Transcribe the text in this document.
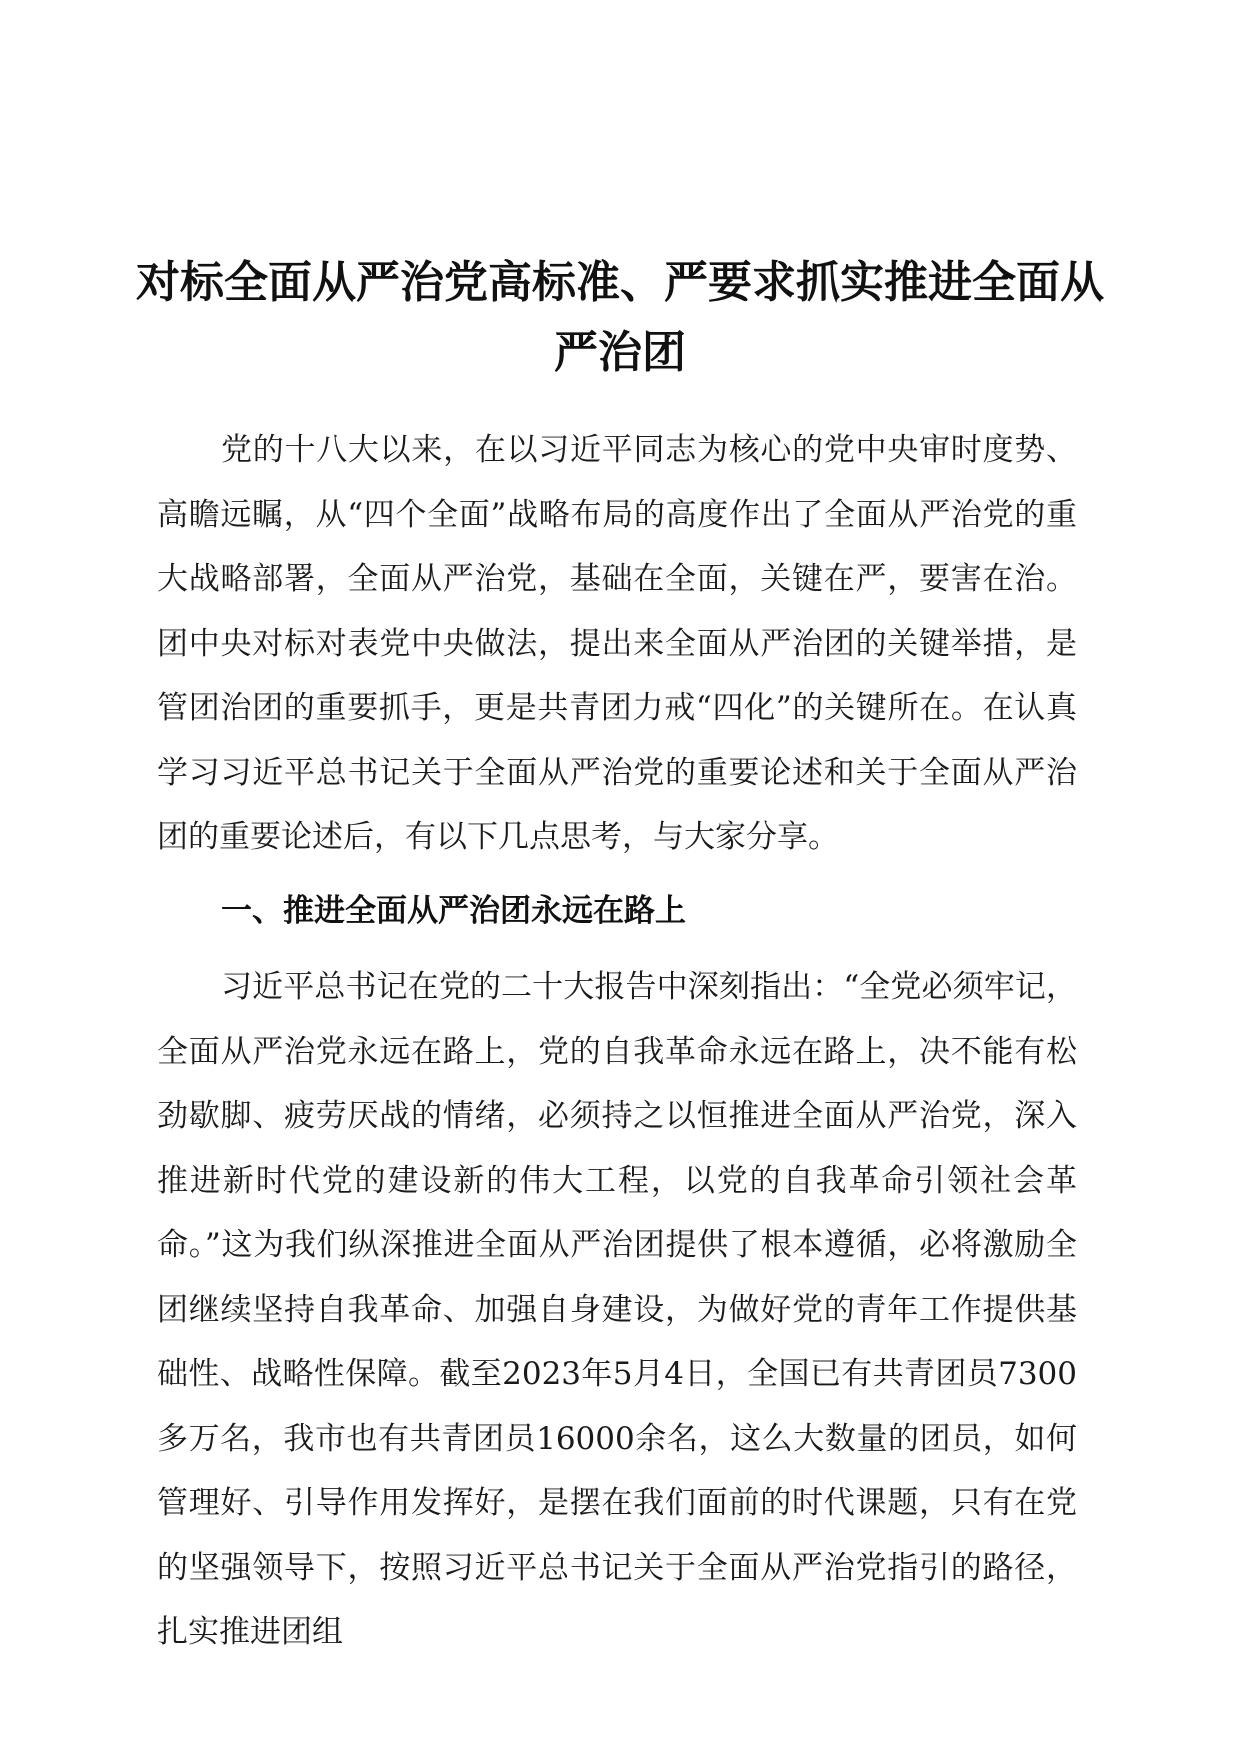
对标全面从严治党高标准、严要求抓实推进全面从严治团

党的十八大以来，在以习近平同志为核心的党中央审时度势、高瞻远瞩，从“四个全面”战略布局的高度作出了全面从严治党的重大战略部署，全面从严治党，基础在全面，关键在严，要害在治。团中央对标对表党中央做法，提出来全面从严治团的关键举措，是管团治团的重要抓手，更是共青团力戒“四化”的关键所在。在认真学习习近平总书记关于全面从严治党的重要论述和关于全面从严治团的重要论述后，有以下几点思考，与大家分享。

一、推进全面从严治团永远在路上

习近平总书记在党的二十大报告中深刻指出：“全党必须牢记，全面从严治党永远在路上，党的自我革命永远在路上，决不能有松劲歇脚、疲劳厌战的情绪，必须持之以恒推进全面从严治党，深入推进新时代党的建设新的伟大工程，以党的自我革命引领社会革命。”这为我们纵深推进全面从严治团提供了根本遵循，必将激励全团继续坚持自我革命、加强自身建设，为做好党的青年工作提供基础性、战略性保障。截至2023年5月4日，全国已有共青团员7300多万名，我市也有共青团员16000余名，这么大数量的团员，如何管理好、引导作用发挥好，是摆在我们面前的时代课题，只有在党的坚强领导下，按照习近平总书记关于全面从严治党指引的路径，扎实推进团组
